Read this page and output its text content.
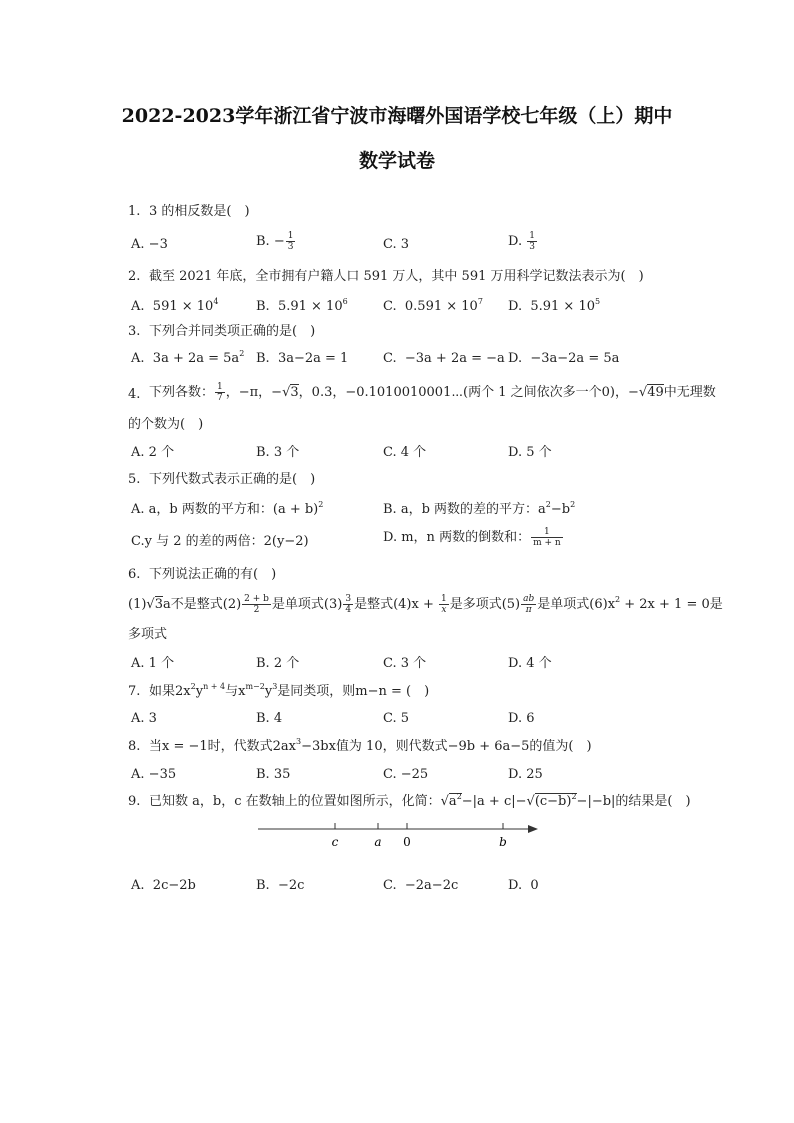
2022-2023学年浙江省宁波市海曙外国语学校七年级（上）期中
数学试卷
1. 3 的相反数是(　)
A. −3	B. − $\frac{1}{3}$	C. 3	D. $\frac{1}{3}$
2. 截至 2021 年底，全市拥有户籍人口 591 万人，其中 591 万用科学记数法表示为(　)
A. $591 \times 10^4$	B. $5.91 \times 10^6$	C. $0.591 \times 10^7$ D. $5.91 \times 10^5$
3. 下列合并同类项正确的是(　)
A. $3a + 2a = 5a^2$ B. 3a−2a = 1	C. −3a + 2a = −a D. −3a−2a = 5a
4. 下列各数： $\frac{1}{7}$ ，−π，−√3，0.3，−0.1010010001⋯(两个 1 之间依次多一个0)，−√49中无理数
的个数为(　)
A. 2 个	B. 3 个	C. 4 个	D. 5 个
5. 下列代数式表示正确的是(　)
A. a，b 两数的平方和：$(a + b)^2$	B. a，b 两数的差的平方：$a^2-b^2$
C.y 与 2 的差的两倍：2(y−2)	D. m，n 两数的倒数和： $\frac{1}{m + n}$
6. 下列说法正确的有(　)
(1)√3a不是整式$(2) \frac{2 + b}{2}$ 是单项式$(3) \frac{3}{4}$ 是整式$(4)x + \frac{1}{x}$ 是多项式$(5) \frac{ab}{\pi}$ 是单项式$(6)x^2 + 2x + 1 = 0$是
多项式
A. 1 个	B. 2 个	C. 3 个	D. 4 个
7. 如果$2x^2y^{n + 4}$与$x^{m-2}y^3$是同类项，则m−n = (　)
A. 3	B. 4	C. 5	D. 6
8. 当x = −1时，代数式$2ax^3-3bx$值为 10，则代数式−9b + 6a−5的值为(　)
A. −35	B. 35	C. −25	D. 25
9. 已知数 a，b，c 在数轴上的位置如图所示，化简：$√a^2-|a + c|-√(c-b)^2-|-b|$的结果是(　)
c	a 0	b
A. 2c−2b	B. −2c	C. −2a−2c	D. 0
